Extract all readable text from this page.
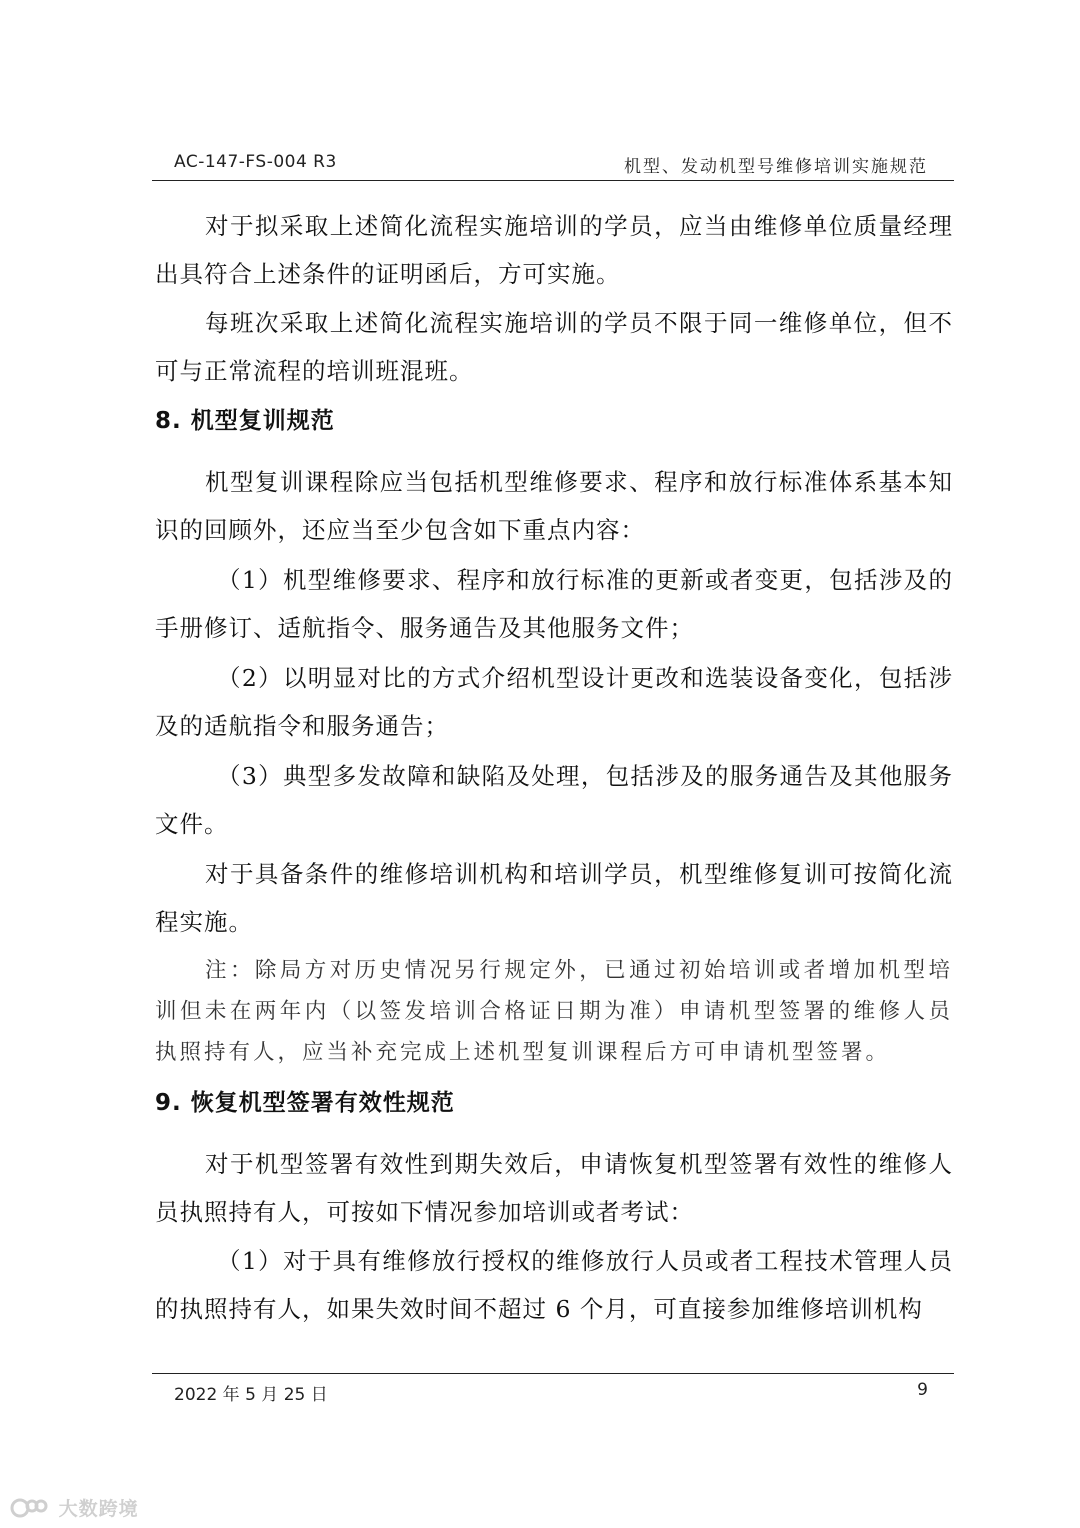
AC-147-FS-004 R3	机型、发动机型号维修培训实施规范
对于拟采取上述简化流程实施培训的学员，应当由维修单位质量经理出具符合上述条件的证明函后，方可实施。
每班次采取上述简化流程实施培训的学员不限于同一维修单位，但不可与正常流程的培训班混班。
8. 机型复训规范
机型复训课程除应当包括机型维修要求、程序和放行标准体系基本知识的回顾外，还应当至少包含如下重点内容：
（1）机型维修要求、程序和放行标准的更新或者变更，包括涉及的手册修订、适航指令、服务通告及其他服务文件；
（2）以明显对比的方式介绍机型设计更改和选装设备变化，包括涉及的适航指令和服务通告；
（3）典型多发故障和缺陷及处理，包括涉及的服务通告及其他服务文件。
对于具备条件的维修培训机构和培训学员，机型维修复训可按简化流程实施。
注：除局方对历史情况另行规定外，已通过初始培训或者增加机型培训但未在两年内（以签发培训合格证日期为准）申请机型签署的维修人员执照持有人，应当补充完成上述机型复训课程后方可申请机型签署。
9. 恢复机型签署有效性规范
对于机型签署有效性到期失效后，申请恢复机型签署有效性的维修人员执照持有人，可按如下情况参加培训或者考试：
（1）对于具有维修放行授权的维修放行人员或者工程技术管理人员的执照持有人，如果失效时间不超过 6 个月，可直接参加维修培训机构
2022 年 5 月 25 日	9
大数跨境
